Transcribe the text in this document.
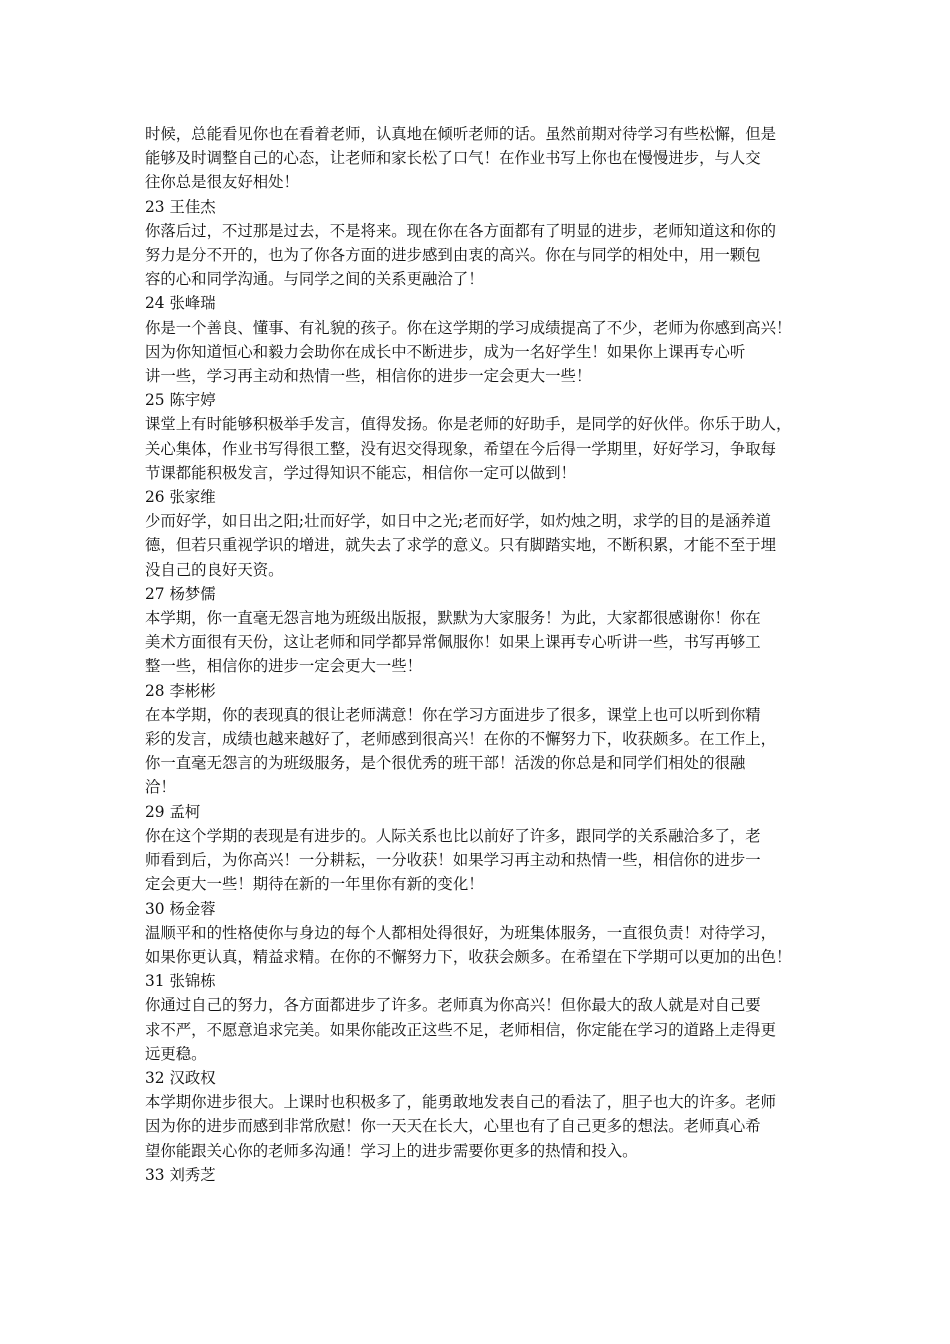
时候，总能看见你也在看着老师，认真地在倾听老师的话。虽然前期对待学习有些松懈，但是
能够及时调整自己的心态，让老师和家长松了口气！在作业书写上你也在慢慢进步，与人交
往你总是很友好相处！
23 王佳杰
你落后过，不过那是过去，不是将来。现在你在各方面都有了明显的进步，老师知道这和你的
努力是分不开的，也为了你各方面的进步感到由衷的高兴。你在与同学的相处中，用一颗包
容的心和同学沟通。与同学之间的关系更融洽了！
24 张峰瑞
你是一个善良、懂事、有礼貌的孩子。你在这学期的学习成绩提高了不少，老师为你感到高兴！
因为你知道恒心和毅力会助你在成长中不断进步，成为一名好学生！如果你上课再专心听
讲一些，学习再主动和热情一些，相信你的进步一定会更大一些！
25 陈宇婷
课堂上有时能够积极举手发言，值得发扬。你是老师的好助手，是同学的好伙伴。你乐于助人，
关心集体，作业书写得很工整，没有迟交得现象，希望在今后得一学期里，好好学习，争取每
节课都能积极发言，学过得知识不能忘，相信你一定可以做到！
26 张家维
少而好学，如日出之阳;壮而好学，如日中之光;老而好学，如灼烛之明，求学的目的是涵养道
德，但若只重视学识的增进，就失去了求学的意义。只有脚踏实地，不断积累，才能不至于埋
没自己的良好天资。
27 杨梦儒
本学期，你一直毫无怨言地为班级出版报，默默为大家服务！为此，大家都很感谢你！你在
美术方面很有天份，这让老师和同学都异常佩服你！如果上课再专心听讲一些，书写再够工
整一些，相信你的进步一定会更大一些！
28 李彬彬
在本学期，你的表现真的很让老师满意！你在学习方面进步了很多，课堂上也可以听到你精
彩的发言，成绩也越来越好了，老师感到很高兴！在你的不懈努力下，收获颇多。在工作上，
你一直毫无怨言的为班级服务，是个很优秀的班干部！活泼的你总是和同学们相处的很融
洽！
29 孟柯
你在这个学期的表现是有进步的。人际关系也比以前好了许多，跟同学的关系融洽多了，老
师看到后，为你高兴！一分耕耘，一分收获！如果学习再主动和热情一些，相信你的进步一
定会更大一些！期待在新的一年里你有新的变化！
30 杨金蓉
温顺平和的性格使你与身边的每个人都相处得很好，为班集体服务，一直很负责！对待学习，
如果你更认真，精益求精。在你的不懈努力下，收获会颇多。在希望在下学期可以更加的出色！
31 张锦栋
你通过自己的努力，各方面都进步了许多。老师真为你高兴！但你最大的敌人就是对自己要
求不严，不愿意追求完美。如果你能改正这些不足，老师相信，你定能在学习的道路上走得更
远更稳。
32 汉政权
本学期你进步很大。上课时也积极多了，能勇敢地发表自己的看法了，胆子也大的许多。老师
因为你的进步而感到非常欣慰！你一天天在长大，心里也有了自己更多的想法。老师真心希
望你能跟关心你的老师多沟通！学习上的进步需要你更多的热情和投入。
33 刘秀芝
